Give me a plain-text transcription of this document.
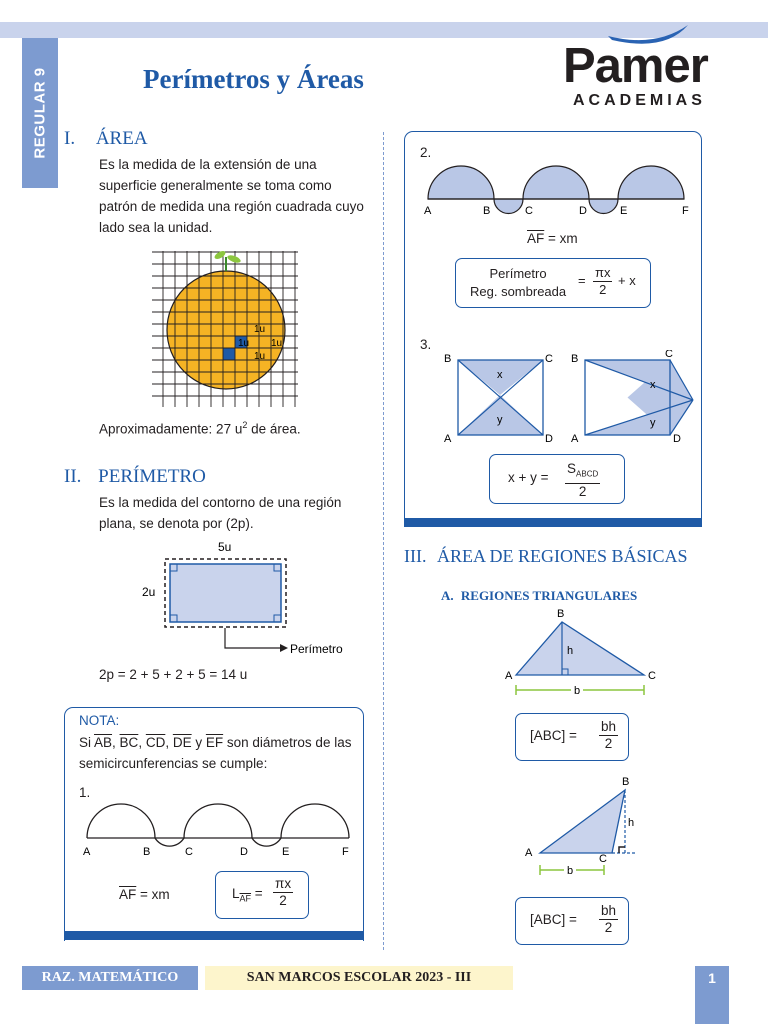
REGULAR 9	Perímetros y Áreas	Pamer
ACADEMIAS
I. ÁREA
Es la medida de la extensión de una superficie generalmente se toma como patrón de medida una región cuadrada cuyo lado sea la unidad.
1u
1u 1u
1u
Aproximadamente: 27 $u^2$ de área.
II. PERÍMETRO
Es la medida del contorno de una región plana, se denota por (2p).
5u
2u
Perímetro
2p = 2 + 5 + 2 + 5 = 14 u
NOTA:
Si $\overline{AB}$, $\overline{BC}$, $\overline{CD}$, $\overline{DE}$ y $\overline{EF}$ son diámetros de las semicircunferencias se cumple:
1.
A	B	C	D	E	F
$\overline{AF}$ = xm	$L_{\overline{AF}} = \frac{\pi x}{2}$
2.
A	B	C	D	E	F
$\overline{AF}$ = xm
Perímetro
Reg. sombreada
= $\frac{\pi x}{2} + x$
3.
B	C
A	D
x
y
B	C
A	D
x
y
x + y =
$S_{ABCD}$
2
III. ÁREA DE REGIONES BÁSICAS
A. REGIONES TRIANGULARES
B
h
A	C
b
$[ABC] = \frac{bh}{2}$
B
h
A	C
b
$[ABC] = \frac{bh}{2}$
RAZ. MATEMÁTICO	SAN MARCOS ESCOLAR 2023 - III	1
